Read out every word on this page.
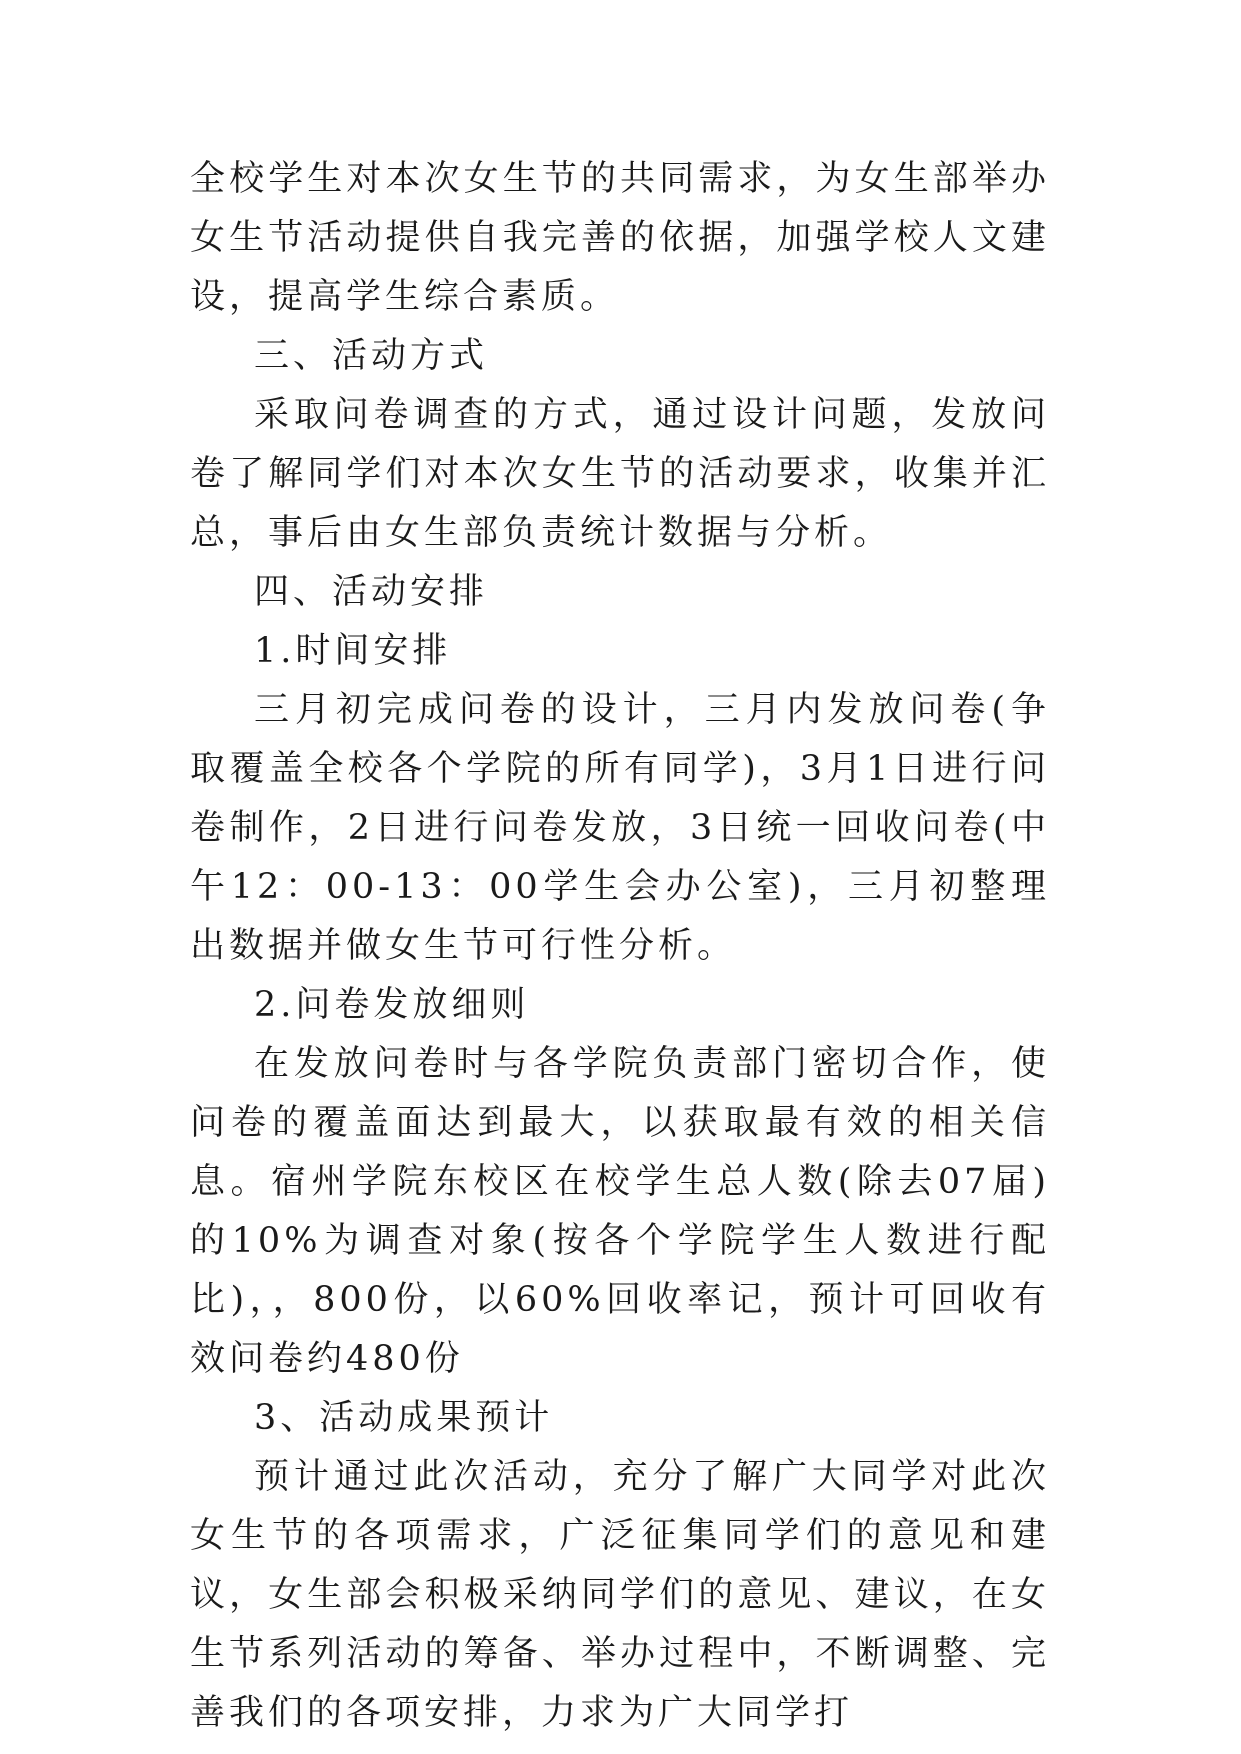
全校学生对本次女生节的共同需求，为女生部举办女生节活动提供自我完善的依据，加强学校人文建设，提高学生综合素质。

三、活动方式

采取问卷调查的方式，通过设计问题，发放问卷了解同学们对本次女生节的活动要求，收集并汇总，事后由女生部负责统计数据与分析。

四、活动安排

1.时间安排

三月初完成问卷的设计，三月内发放问卷(争取覆盖全校各个学院的所有同学)，3月1日进行问卷制作，2日进行问卷发放，3日统一回收问卷(中午12：00-13：00学生会办公室)，三月初整理出数据并做女生节可行性分析。

2.问卷发放细则

在发放问卷时与各学院负责部门密切合作，使问卷的覆盖面达到最大，以获取最有效的相关信息。宿州学院东校区在校学生总人数(除去07届)的10%为调查对象(按各个学院学生人数进行配比)，，800份，以60%回收率记，预计可回收有效问卷约480份

3、活动成果预计

预计通过此次活动，充分了解广大同学对此次女生节的各项需求，广泛征集同学们的意见和建议，女生部会积极采纳同学们的意见、建议，在女生节系列活动的筹备、举办过程中，不断调整、完善我们的各项安排，力求为广大同学打
